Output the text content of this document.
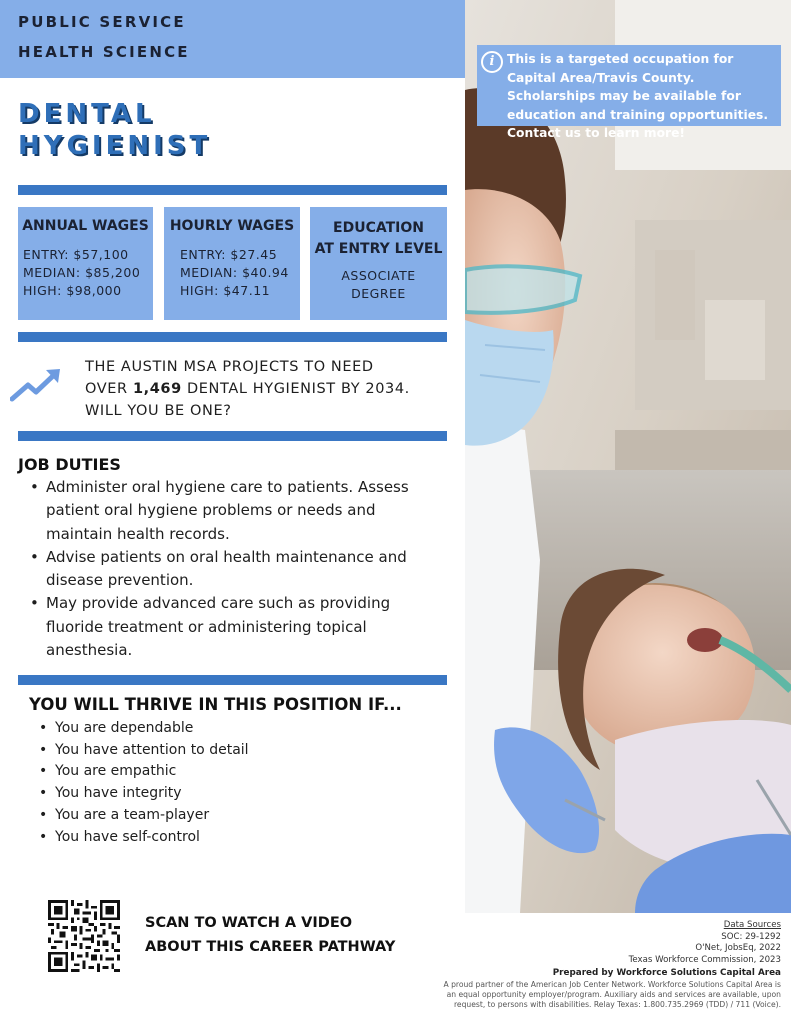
PUBLIC SERVICE
HEALTH SCIENCE
DENTAL
HYGIENIST
ANNUAL WAGES
ENTRY: $57,100
MEDIAN: $85,200
HIGH: $98,000
HOURLY WAGES
ENTRY: $27.45
MEDIAN: $40.94
HIGH: $47.11
EDUCATION
AT ENTRY LEVEL
ASSOCIATE
DEGREE
THE AUSTIN MSA PROJECTS TO NEED
OVER 1,469 DENTAL HYGIENIST BY 2034.
WILL YOU BE ONE?
JOB DUTIES
• Administer oral hygiene care to patients. Assess patient oral hygiene problems or needs and maintain health records.
• Advise patients on oral health maintenance and disease prevention.
• May provide advanced care such as providing fluoride treatment or administering topical anesthesia.
YOU WILL THRIVE IN THIS POSITION IF...
• You are dependable
• You have attention to detail
• You are empathic
• You have integrity
• You are a team-player
• You have self-control
SCAN TO WATCH A VIDEO
ABOUT THIS CAREER PATHWAY
i	This is a targeted occupation for Capital Area/Travis County. Scholarships may be available for education and training opportunities. Contact us to learn more!
Data Sources
SOC: 29-1292
O'Net, JobsEq, 2022
Texas Workforce Commission, 2023
Prepared by Workforce Solutions Capital Area
A proud partner of the American Job Center Network. Workforce Solutions Capital Area is an equal opportunity employer/program. Auxiliary aids and services are available, upon request, to persons with disabilities. Relay Texas: 1.800.735.2969 (TDD) / 711 (Voice).
